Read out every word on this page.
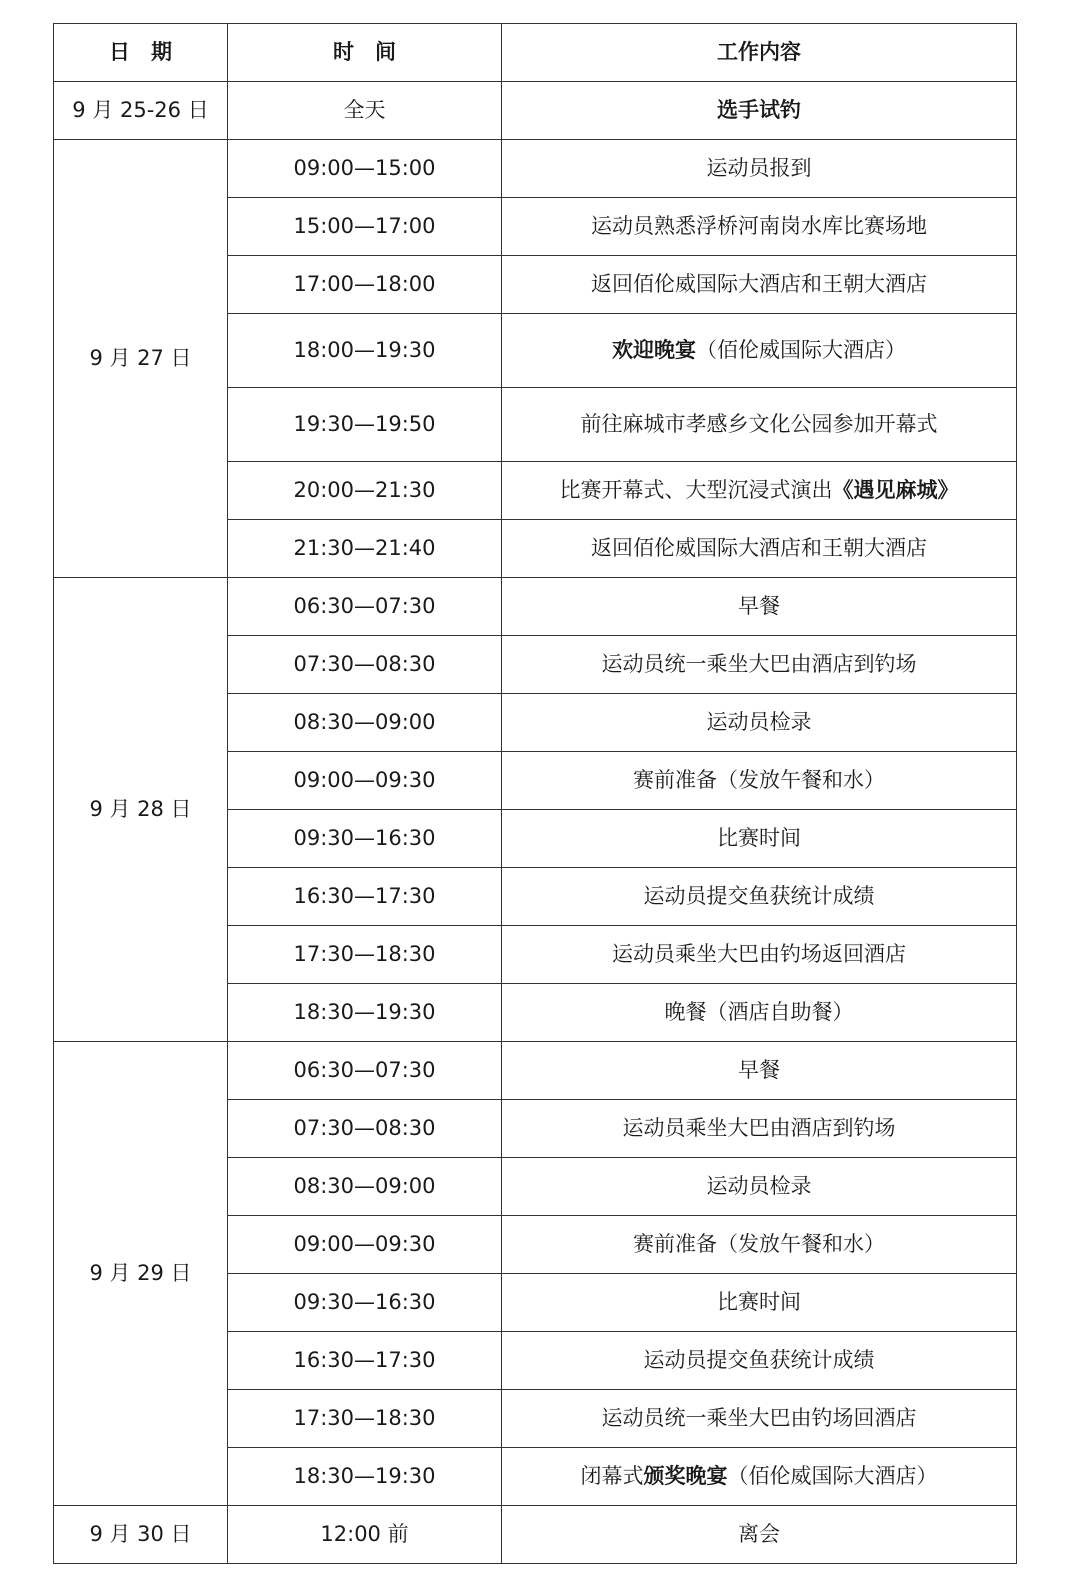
日　期	时　间	工作内容
9 月 25-26 日	全天	选手试钓
9 月 27 日	09:00—15:00	运动员报到
	15:00—17:00	运动员熟悉浮桥河南岗水库比赛场地
	17:00—18:00	返回佰伦威国际大酒店和王朝大酒店
	18:00—19:30	欢迎晚宴（佰伦威国际大酒店）
	19:30—19:50	前往麻城市孝感乡文化公园参加开幕式
	20:00—21:30	比赛开幕式、大型沉浸式演出《遇见麻城》
	21:30—21:40	返回佰伦威国际大酒店和王朝大酒店
9 月 28 日	06:30—07:30	早餐
	07:30—08:30	运动员统一乘坐大巴由酒店到钓场
	08:30—09:00	运动员检录
	09:00—09:30	赛前准备（发放午餐和水）
	09:30—16:30	比赛时间
	16:30—17:30	运动员提交鱼获统计成绩
	17:30—18:30	运动员乘坐大巴由钓场返回酒店
	18:30—19:30	晚餐（酒店自助餐）
9 月 29 日	06:30—07:30	早餐
	07:30—08:30	运动员乘坐大巴由酒店到钓场
	08:30—09:00	运动员检录
	09:00—09:30	赛前准备（发放午餐和水）
	09:30—16:30	比赛时间
	16:30—17:30	运动员提交鱼获统计成绩
	17:30—18:30	运动员统一乘坐大巴由钓场回酒店
	18:30—19:30	闭幕式颁奖晚宴（佰伦威国际大酒店）
9 月 30 日	12:00 前	离会
